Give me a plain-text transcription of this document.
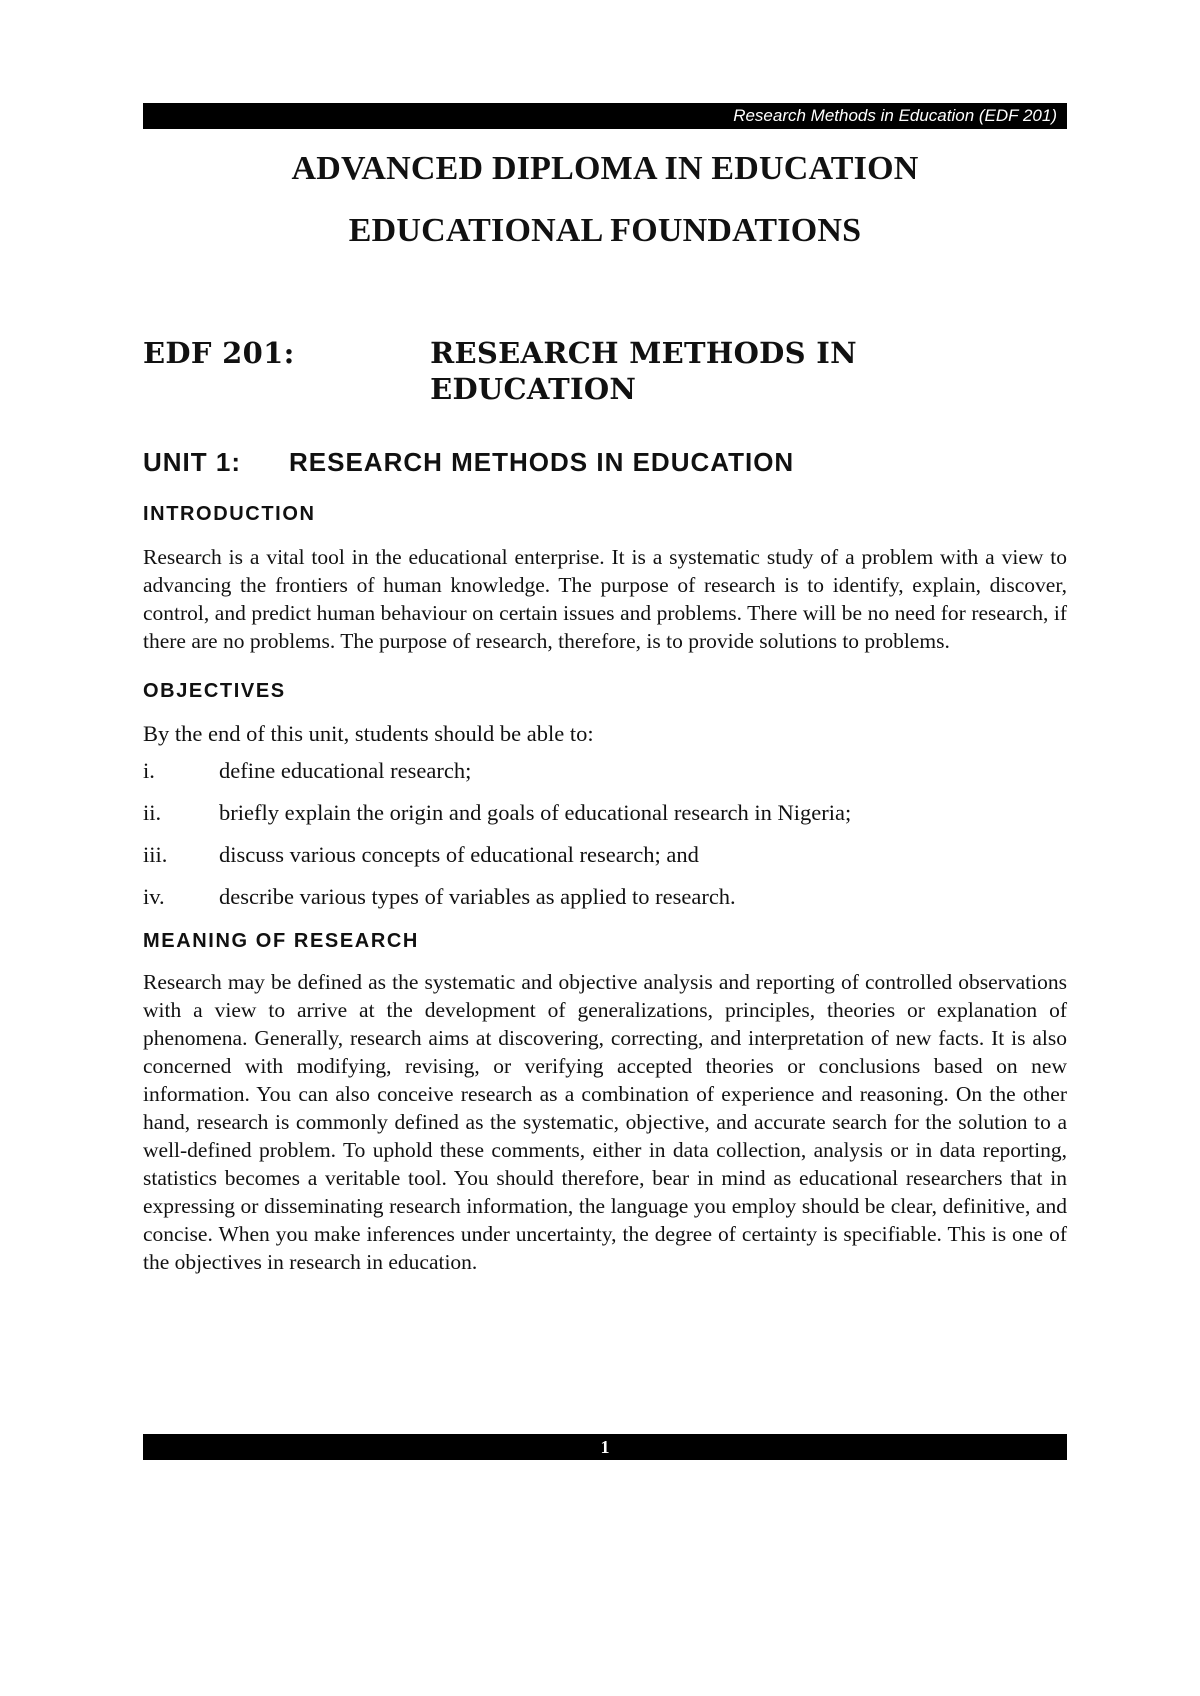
Research Methods in Education (EDF 201)
ADVANCED DIPLOMA IN EDUCATION
EDUCATIONAL FOUNDATIONS
EDF 201:	RESEARCH METHODS IN EDUCATION
UNIT 1:	RESEARCH METHODS IN EDUCATION
INTRODUCTION

Research is a vital tool in the educational enterprise. It is a systematic study of a problem with a view to advancing the frontiers of human knowledge. The purpose of research is to identify, explain, discover, control, and predict human behaviour on certain issues and problems. There will be no need for research, if there are no problems. The purpose of research, therefore, is to provide solutions to problems.

OBJECTIVES

By the end of this unit, students should be able to:

i.	define educational research;
ii.	briefly explain the origin and goals of educational research in Nigeria;
iii.	discuss various concepts of educational research; and
iv.	describe various types of variables as applied to research.
MEANING OF RESEARCH

Research may be defined as the systematic and objective analysis and reporting of controlled observations with a view to arrive at the development of generalizations, principles, theories or explanation of phenomena. Generally, research aims at discovering, correcting, and interpretation of new facts. It is also concerned with modifying, revising, or verifying accepted theories or conclusions based on new information. You can also conceive research as a combination of experience and reasoning. On the other hand, research is commonly defined as the systematic, objective, and accurate search for the solution to a well-defined problem. To uphold these comments, either in data collection, analysis or in data reporting, statistics becomes a veritable tool. You should therefore, bear in mind as educational researchers that in expressing or disseminating research information, the language you employ should be clear, definitive, and concise. When you make inferences under uncertainty, the degree of certainty is specifiable. This is one of the objectives in research in education.

1
